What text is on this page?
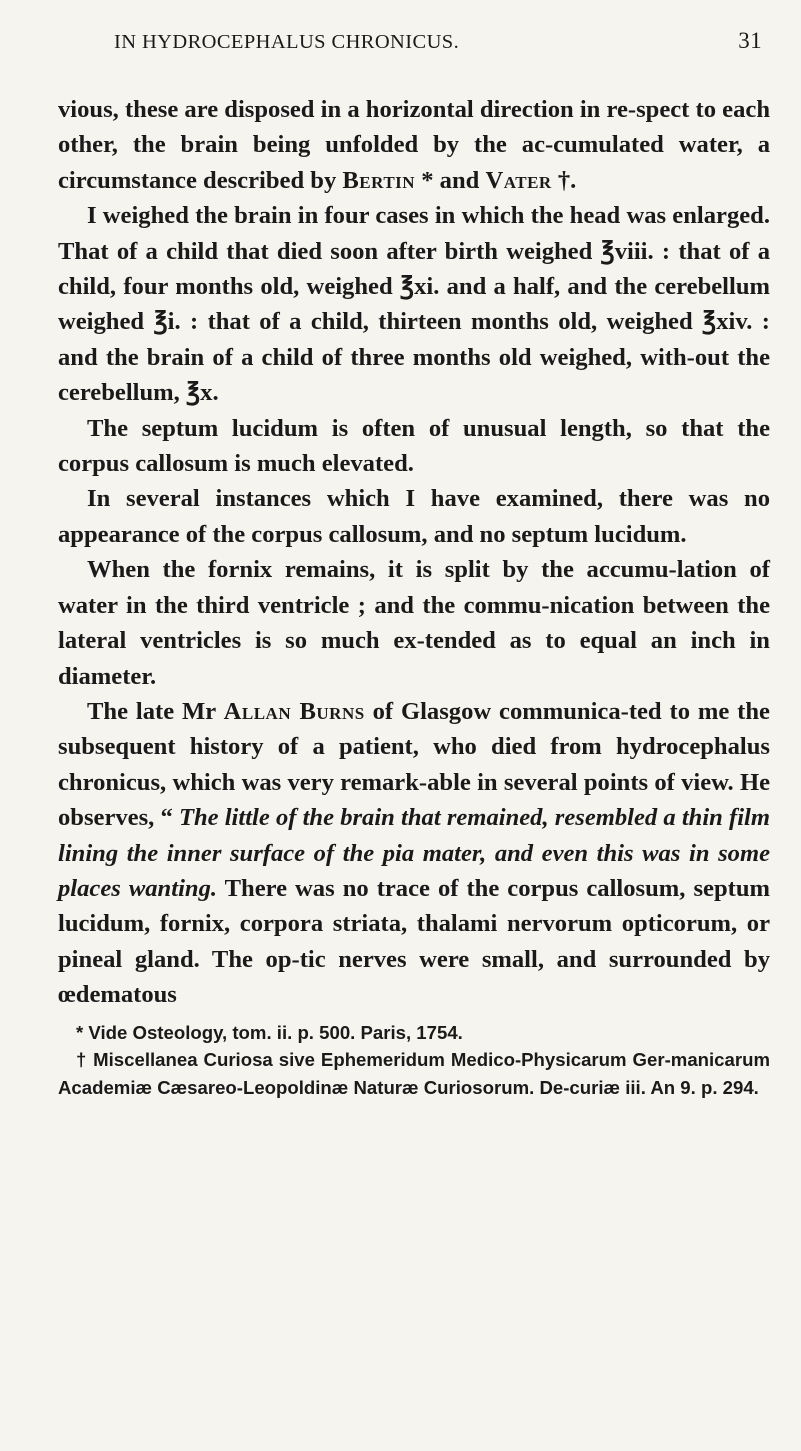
IN HYDROCEPHALUS CHRONICUS.	31

vious, these are disposed in a horizontal direction in re-spect to each other, the brain being unfolded by the ac-cumulated water, a circumstance described by Bertin * and Vater †.

I weighed the brain in four cases in which the head was enlarged. That of a child that died soon after birth weighed ℥viii. : that of a child, four months old, weighed ℥xi. and a half, and the cerebellum weighed ℥i. : that of a child, thirteen months old, weighed ℥xiv. : and the brain of a child of three months old weighed, with-out the cerebellum, ℥x.

The septum lucidum is often of unusual length, so that the corpus callosum is much elevated.

In several instances which I have examined, there was no appearance of the corpus callosum, and no septum lucidum.

When the fornix remains, it is split by the accumu-lation of water in the third ventricle ; and the commu-nication between the lateral ventricles is so much ex-tended as to equal an inch in diameter.

The late Mr Allan Burns of Glasgow communica-ted to me the subsequent history of a patient, who died from hydrocephalus chronicus, which was very remark-able in several points of view. He observes, “ The little of the brain that remained, resembled a thin film lining the inner surface of the pia mater, and even this was in some places wanting. There was no trace of the corpus callosum, septum lucidum, fornix, corpora striata, thalami nervorum opticorum, or pineal gland. The op-tic nerves were small, and surrounded by œdematous

* Vide Osteology, tom. ii. p. 500. Paris, 1754.

† Miscellanea Curiosa sive Ephemeridum Medico-Physicarum Ger-manicarum Academiæ Cæsareo-Leopoldinæ Naturæ Curiosorum. De-curiæ iii. An 9. p. 294.
